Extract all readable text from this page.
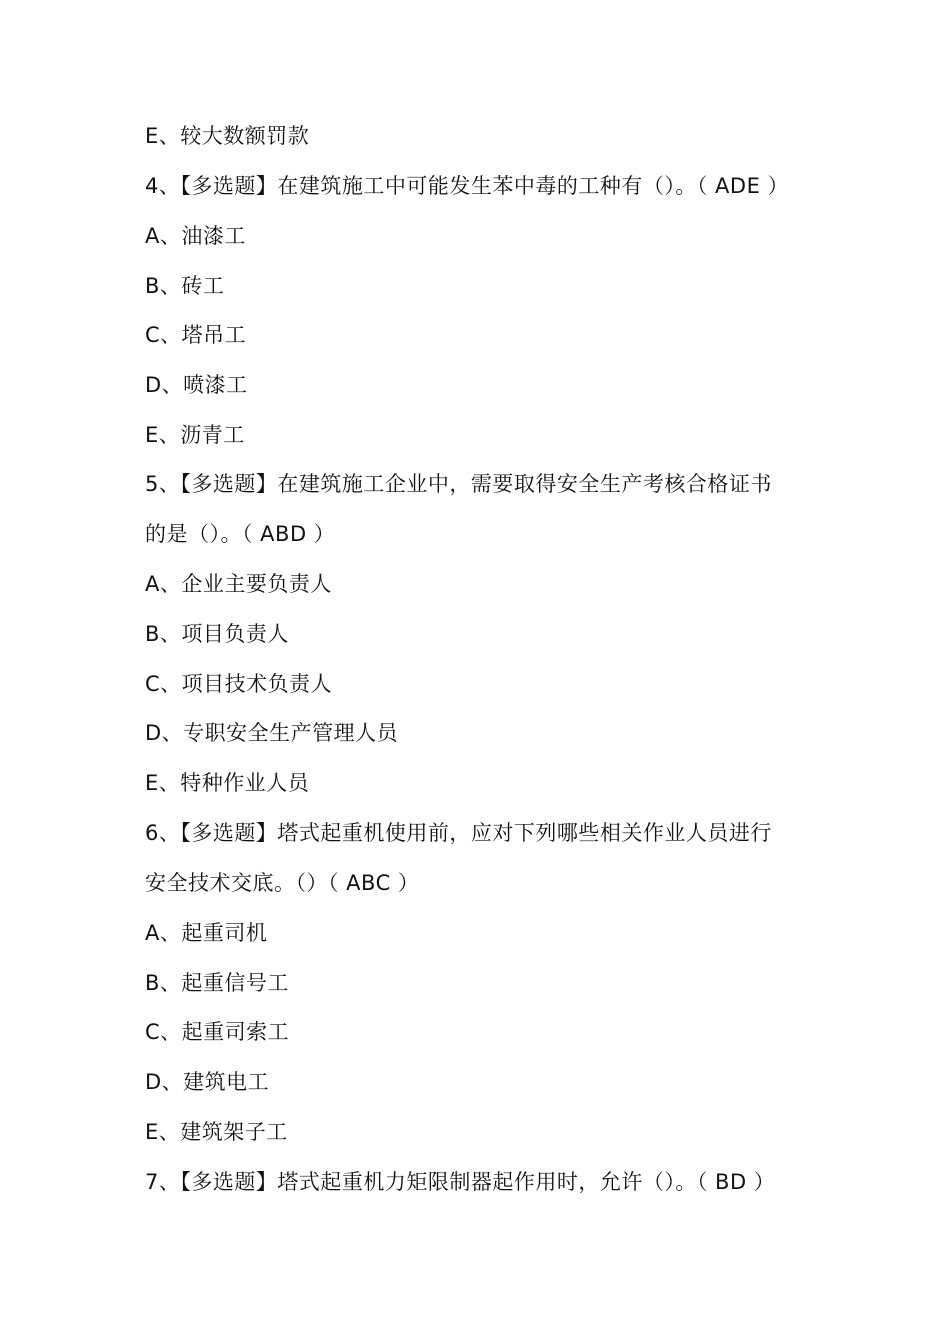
E、较大数额罚款
4、【多选题】在建筑施工中可能发生苯中毒的工种有（）。（ ADE ）
A、油漆工
B、砖工
C、塔吊工
D、喷漆工
E、沥青工
5、【多选题】在建筑施工企业中，需要取得安全生产考核合格证书
的是（）。（ ABD ）
A、企业主要负责人
B、项目负责人
C、项目技术负责人
D、专职安全生产管理人员
E、特种作业人员
6、【多选题】塔式起重机使用前，应对下列哪些相关作业人员进行
安全技术交底。（）（ ABC ）
A、起重司机
B、起重信号工
C、起重司索工
D、建筑电工
E、建筑架子工
7、【多选题】塔式起重机力矩限制器起作用时，允许（）。（ BD ）
